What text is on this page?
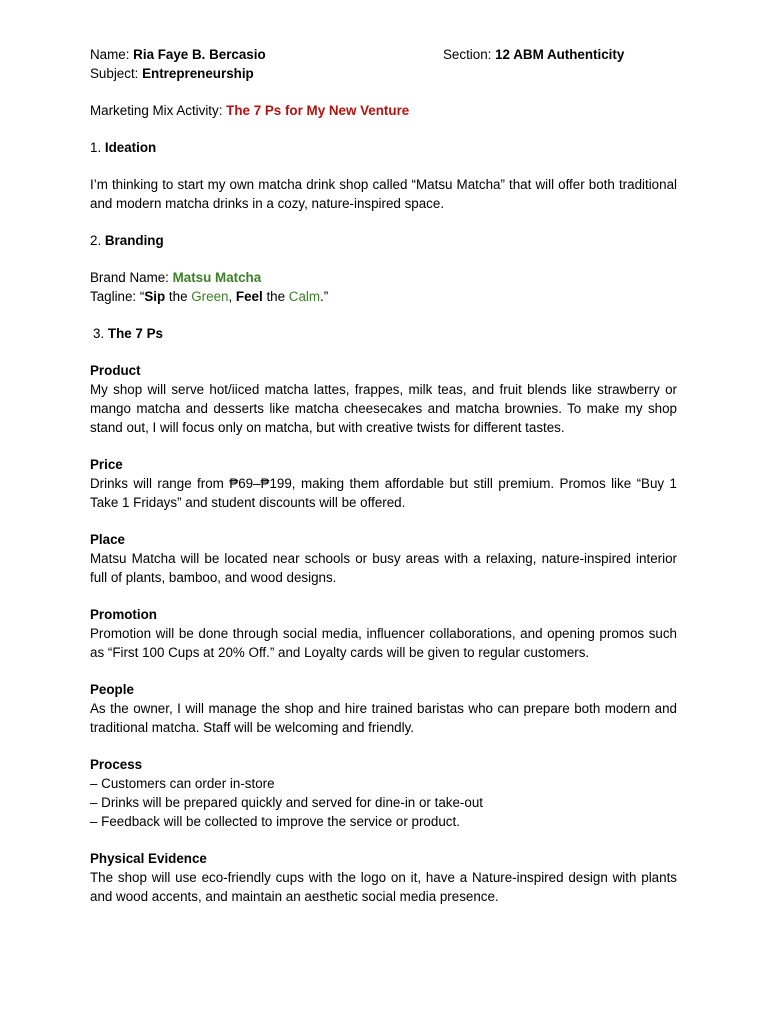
Name: Ria Faye B. Bercasio
Subject: Entrepreneurship
Section: 12 ABM Authenticity
Marketing Mix Activity: The 7 Ps for My New Venture
1. Ideation

I’m thinking to start my own matcha drink shop called “Matsu Matcha” that will offer both traditional and modern matcha drinks in a cozy, nature-inspired space.

2. Branding
Brand Name: Matsu Matcha
Tagline: “Sip the Green, Feel the Calm.”
3. The 7 Ps
Product

My shop will serve hot/iiced matcha lattes, frappes, milk teas, and fruit blends like strawberry or mango matcha and desserts like matcha cheesecakes and matcha brownies. To make my shop stand out, I will focus only on matcha, but with creative twists for different tastes.

Price

Drinks will range from ₱69–₱199, making them affordable but still premium. Promos like “Buy 1 Take 1 Fridays” and student discounts will be offered.

Place

Matsu Matcha will be located near schools or busy areas with a relaxing, nature-inspired interior full of plants, bamboo, and wood designs.

Promotion

Promotion will be done through social media, influencer collaborations, and opening promos such as “First 100 Cups at 20% Off.” and Loyalty cards will be given to regular customers.

People

As the owner, I will manage the shop and hire trained baristas who can prepare both modern and traditional matcha. Staff will be welcoming and friendly.

Process
– Customers can order in-store
– Drinks will be prepared quickly and served for dine-in or take-out
– Feedback will be collected to improve the service or product.
Physical Evidence

The shop will use eco-friendly cups with the logo on it, have a Nature-inspired design with plants and wood accents, and maintain an aesthetic social media presence.
